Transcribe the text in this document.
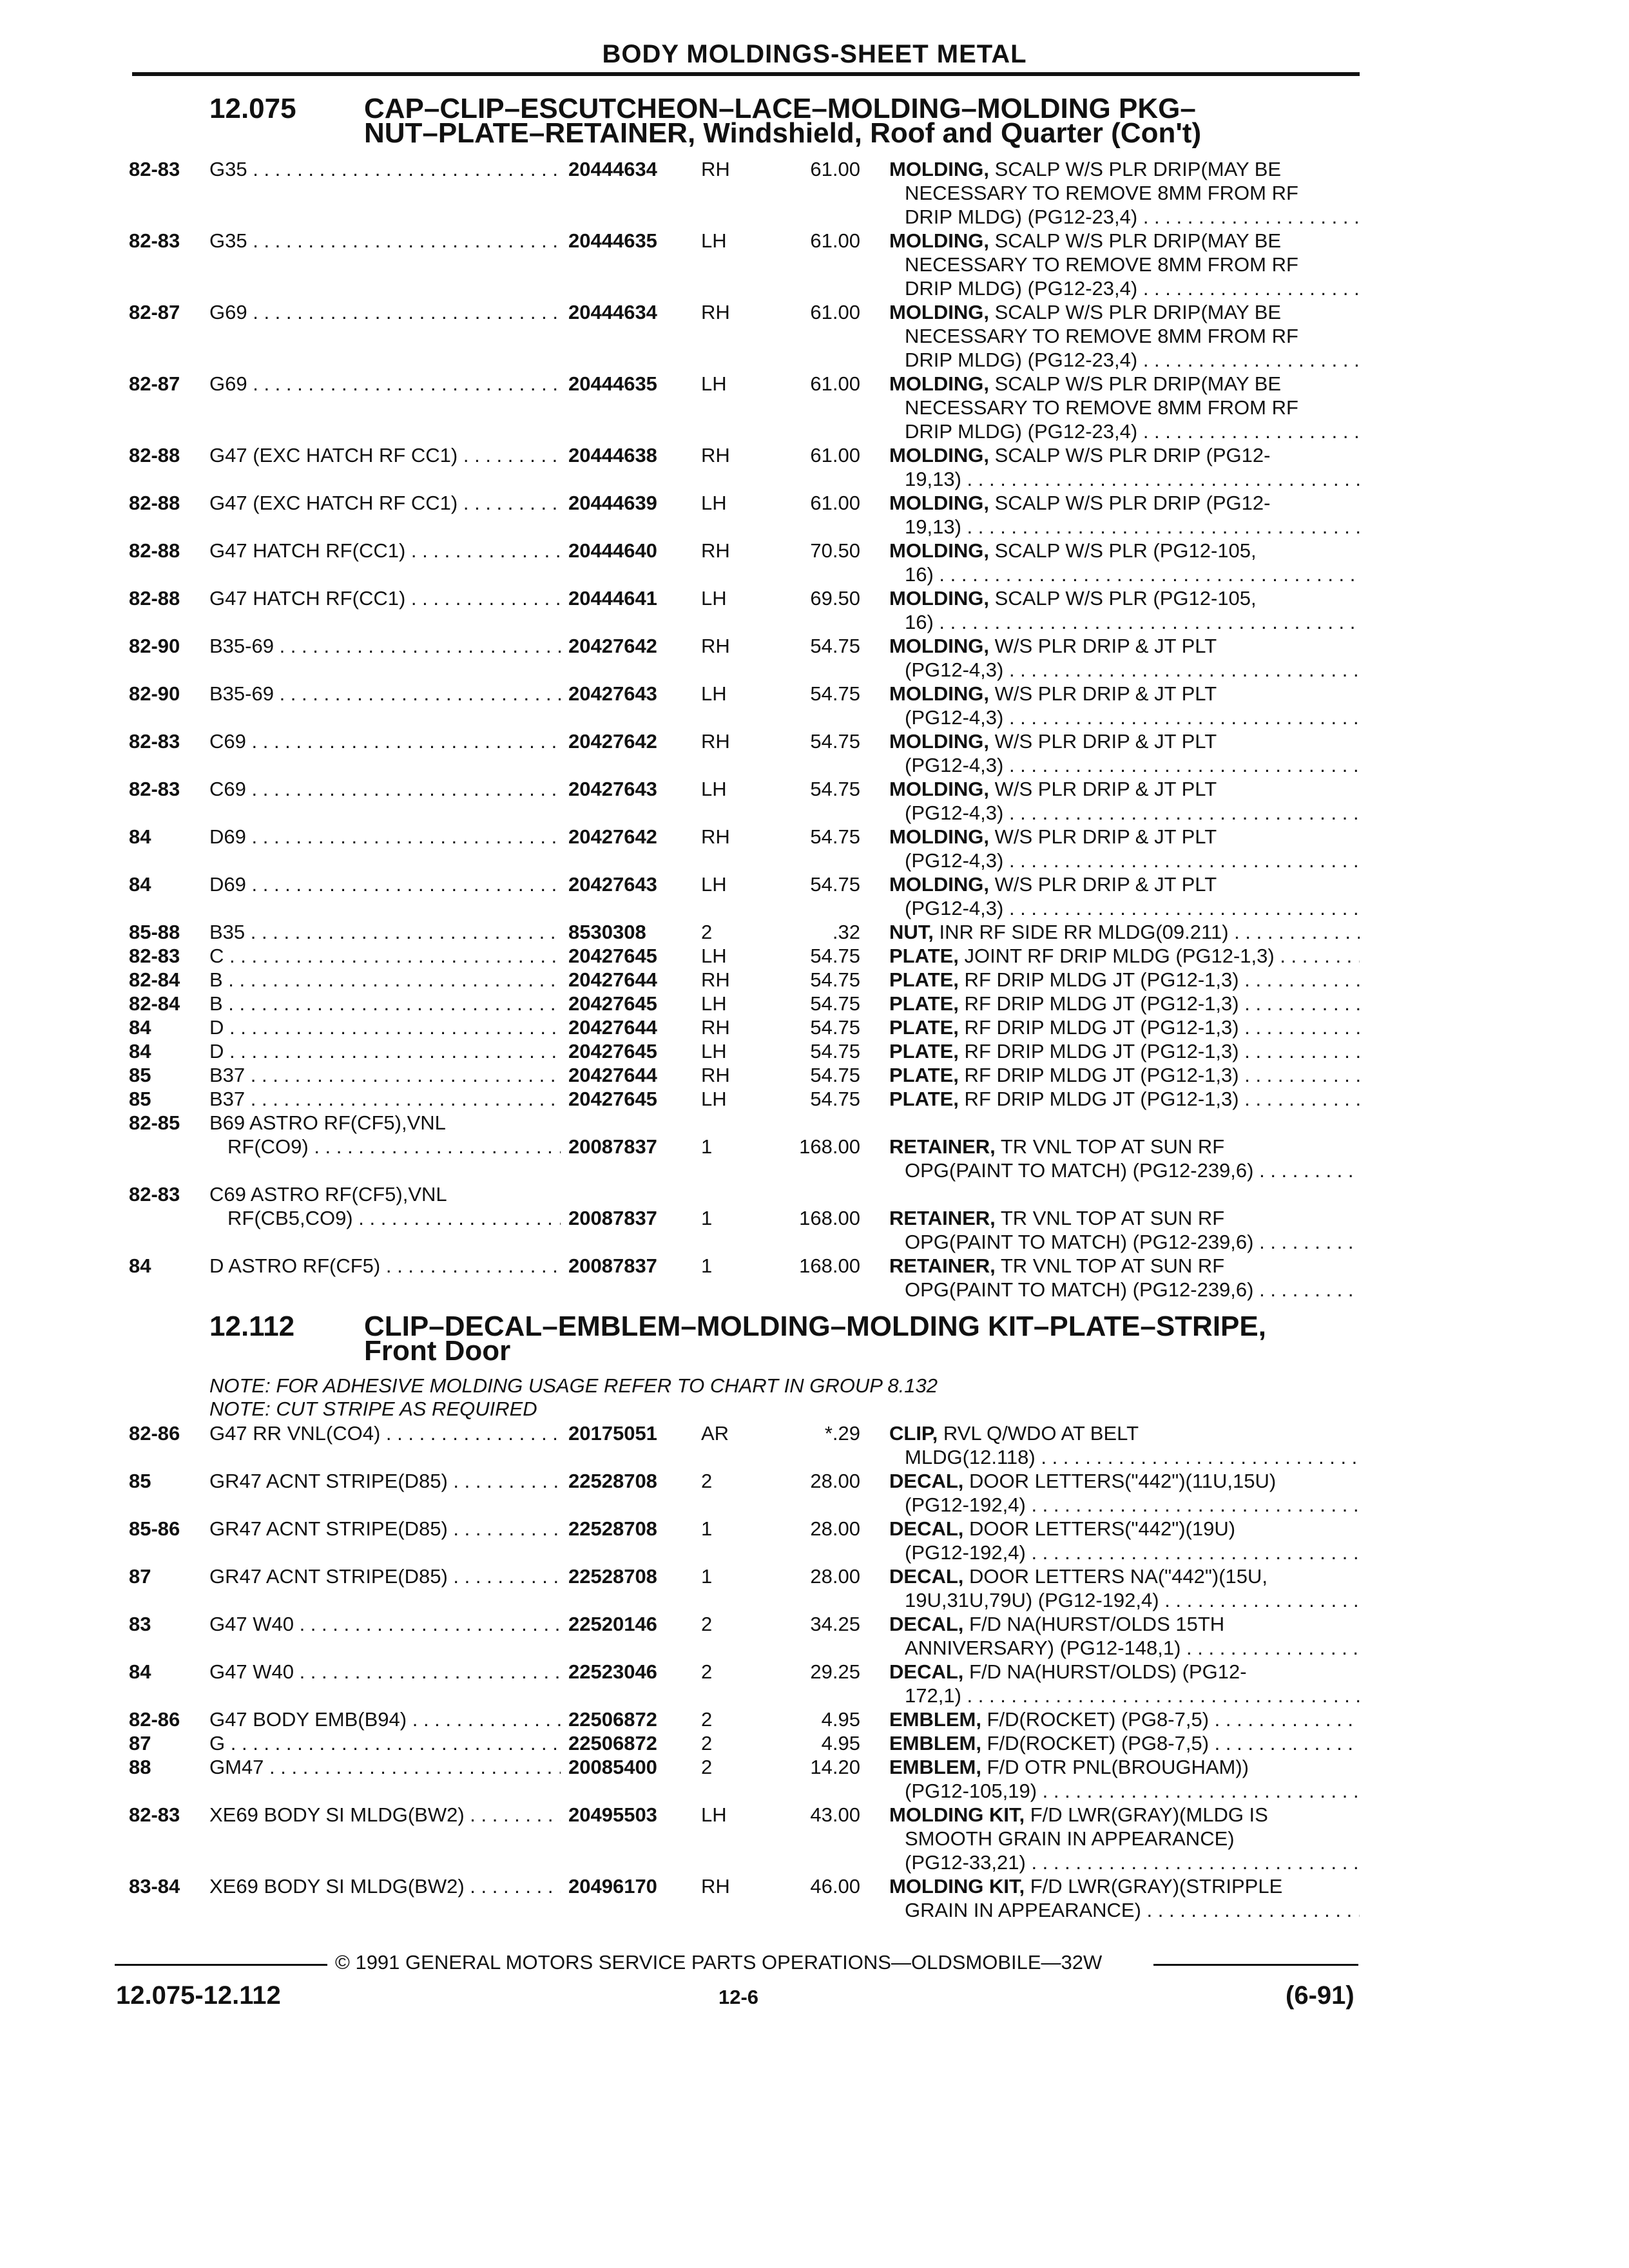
BODY MOLDINGS-SHEET METAL
12.075 CAP–CLIP–ESCUTCHEON–LACE–MOLDING–MOLDING PKG–
NUT–PLATE–RETAINER, Windshield, Roof and Quarter (Con't)
12.112 CLIP–DECAL–EMBLEM–MOLDING–MOLDING KIT–PLATE–STRIPE,
Front Door
NOTE: FOR ADHESIVE MOLDING USAGE REFER TO CHART IN GROUP 8.132
NOTE: CUT STRIPE AS REQUIRED
82-83 G35 . . .	20444634 RH	61.00 MOLDING, SCALP W/S PLR DRIP(MAY BE
NECESSARY TO REMOVE 8MM FROM RF
DRIP MLDG) (PG12-23,4) . . .
82-83 G35 . . .	20444635 LH	61.00 MOLDING, SCALP W/S PLR DRIP(MAY BE
NECESSARY TO REMOVE 8MM FROM RF
DRIP MLDG) (PG12-23,4) . . .
82-87 G69 . . .	20444634 RH	61.00 MOLDING, SCALP W/S PLR DRIP(MAY BE
NECESSARY TO REMOVE 8MM FROM RF
DRIP MLDG) (PG12-23,4) . . .
82-87 G69 . . .	20444635 LH	61.00 MOLDING, SCALP W/S PLR DRIP(MAY BE
NECESSARY TO REMOVE 8MM FROM RF
DRIP MLDG) (PG12-23,4) . . .
82-88 G47 (EXC HATCH RF CC1) . . .	20444638 RH	61.00 MOLDING, SCALP W/S PLR DRIP (PG12-
19,13) . . .
82-88 G47 (EXC HATCH RF CC1) . . .	20444639 LH	61.00 MOLDING, SCALP W/S PLR DRIP (PG12-
19,13) . . .
82-88 G47 HATCH RF(CC1) . . .	20444640 RH	70.50 MOLDING, SCALP W/S PLR (PG12-105,
16) . . .
82-88 G47 HATCH RF(CC1) . . .	20444641 LH	69.50 MOLDING, SCALP W/S PLR (PG12-105,
16) . . .
82-90 B35-69 . . .	20427642 RH	54.75 MOLDING, W/S PLR DRIP & JT PLT
(PG12-4,3) . . .
82-90 B35-69 . . .	20427643 LH	54.75 MOLDING, W/S PLR DRIP & JT PLT
(PG12-4,3) . . .
82-83 C69 . . .	20427642 RH	54.75 MOLDING, W/S PLR DRIP & JT PLT
(PG12-4,3) . . .
82-83 C69 . . .	20427643 LH	54.75 MOLDING, W/S PLR DRIP & JT PLT
(PG12-4,3) . . .
84	D69 . . .	20427642 RH	54.75 MOLDING, W/S PLR DRIP & JT PLT
(PG12-4,3) . . .
84	D69 . . .	20427643 LH	54.75 MOLDING, W/S PLR DRIP & JT PLT
(PG12-4,3) . . .
85-88 B35 . . .	8530308	2	.32 NUT, INR RF SIDE RR MLDG(09.211) . . .
82-83 C . . .	20427645 LH	54.75 PLATE, JOINT RF DRIP MLDG (PG12-1,3) . . .
82-84 B . . .	20427644 RH	54.75 PLATE, RF DRIP MLDG JT (PG12-1,3) . . .
82-84 B . . .	20427645 LH	54.75 PLATE, RF DRIP MLDG JT (PG12-1,3) . . .
84	D . . .	20427644 RH	54.75 PLATE, RF DRIP MLDG JT (PG12-1,3) . . .
84	D . . .	20427645 LH	54.75 PLATE, RF DRIP MLDG JT (PG12-1,3) . . .
85	B37 . . .	20427644 RH	54.75 PLATE, RF DRIP MLDG JT (PG12-1,3) . . .
85	B37 . . .	20427645 LH	54.75 PLATE, RF DRIP MLDG JT (PG12-1,3) . . .
82-85 B69 ASTRO RF(CF5),VNL
RF(CO9) . . .	20087837 1	168.00 RETAINER, TR VNL TOP AT SUN RF
OPG(PAINT TO MATCH) (PG12-239,6) . . .
82-83 C69 ASTRO RF(CF5),VNL
RF(CB5,CO9) . . .	20087837 1	168.00 RETAINER, TR VNL TOP AT SUN RF
OPG(PAINT TO MATCH) (PG12-239,6) . . .
84	D ASTRO RF(CF5) . . .	20087837 1	168.00 RETAINER, TR VNL TOP AT SUN RF
OPG(PAINT TO MATCH) (PG12-239,6) . . .
82-86 G47 RR VNL(CO4) . . .	20175051 AR	*.29 CLIP, RVL Q/WDO AT BELT
MLDG(12.118) . . .
85	GR47 ACNT STRIPE(D85) . . .	22528708 2	28.00 DECAL, DOOR LETTERS("442")(11U,15U)
(PG12-192,4) . . .
85-86 GR47 ACNT STRIPE(D85) . . .	22528708 1	28.00 DECAL, DOOR LETTERS("442")(19U)
(PG12-192,4) . . .
87	GR47 ACNT STRIPE(D85) . . .	22528708 1	28.00 DECAL, DOOR LETTERS NA("442")(15U,
19U,31U,79U) (PG12-192,4) . . .
83	G47 W40 . . .	22520146 2	34.25 DECAL, F/D NA(HURST/OLDS 15TH
ANNIVERSARY) (PG12-148,1) . . .
84	G47 W40 . . .	22523046 2	29.25 DECAL, F/D NA(HURST/OLDS) (PG12-
172,1) . . .
82-86 G47 BODY EMB(B94) . . .	22506872 2	4.95 EMBLEM, F/D(ROCKET) (PG8-7,5) . . .
87	G . . .	22506872 2	4.95 EMBLEM, F/D(ROCKET) (PG8-7,5) . . .
88	GM47 . . .	20085400 2	14.20 EMBLEM, F/D OTR PNL(BROUGHAM))
(PG12-105,19) . . .
82-83 XE69 BODY SI MLDG(BW2) . . .	20495503 LH	43.00 MOLDING KIT, F/D LWR(GRAY)(MLDG IS
SMOOTH GRAIN IN APPEARANCE)
(PG12-33,21) . . .
83-84 XE69 BODY SI MLDG(BW2) . . .	20496170 RH	46.00 MOLDING KIT, F/D LWR(GRAY)(STRIPPLE
GRAIN IN APPEARANCE) . . .
© 1991 GENERAL MOTORS SERVICE PARTS OPERATIONS—OLDSMOBILE—32W
12.075-12.112	12-6	(6-91)
